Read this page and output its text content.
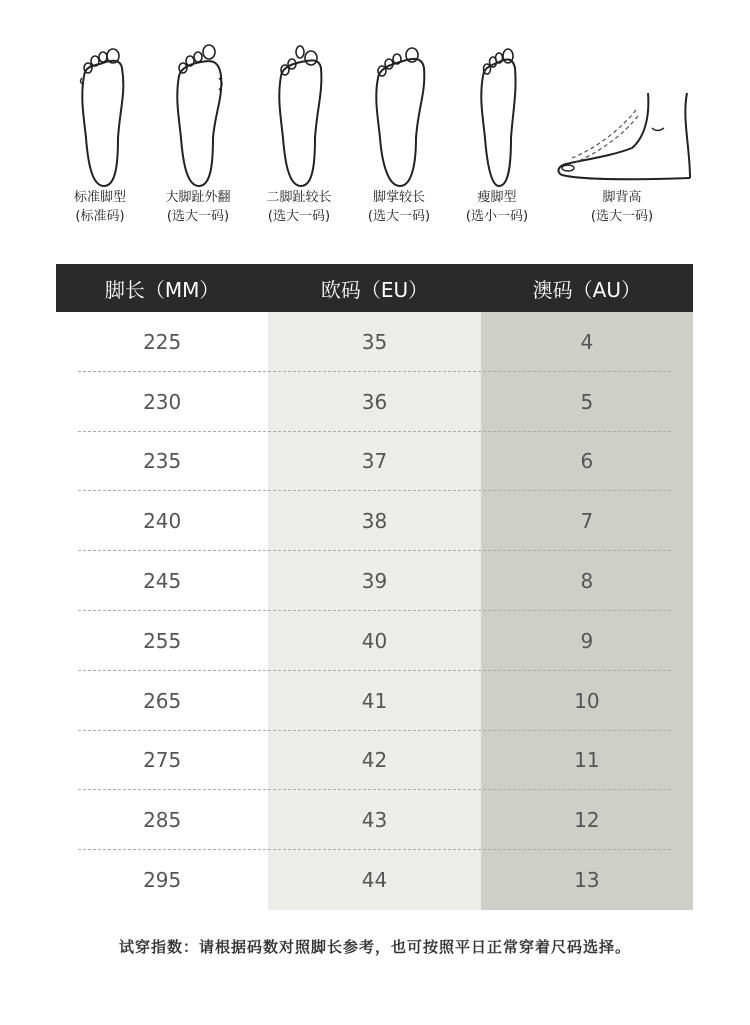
标准脚型
(标准码)
大脚趾外翻
(选大一码)
二脚趾较长
(选大一码)
脚掌较长
(选大一码)
瘦脚型
(选小一码)
脚背高
(选大一码)
脚长（MM）	欧码（EU）	澳码（AU）
225	35	4
230	36	5
235	37	6
240	38	7
245	39	8
255	40	9
265	41	10
275	42	11
285	43	12
295	44	13
试穿指数：请根据码数对照脚长参考，也可按照平日正常穿着尺码选择。
